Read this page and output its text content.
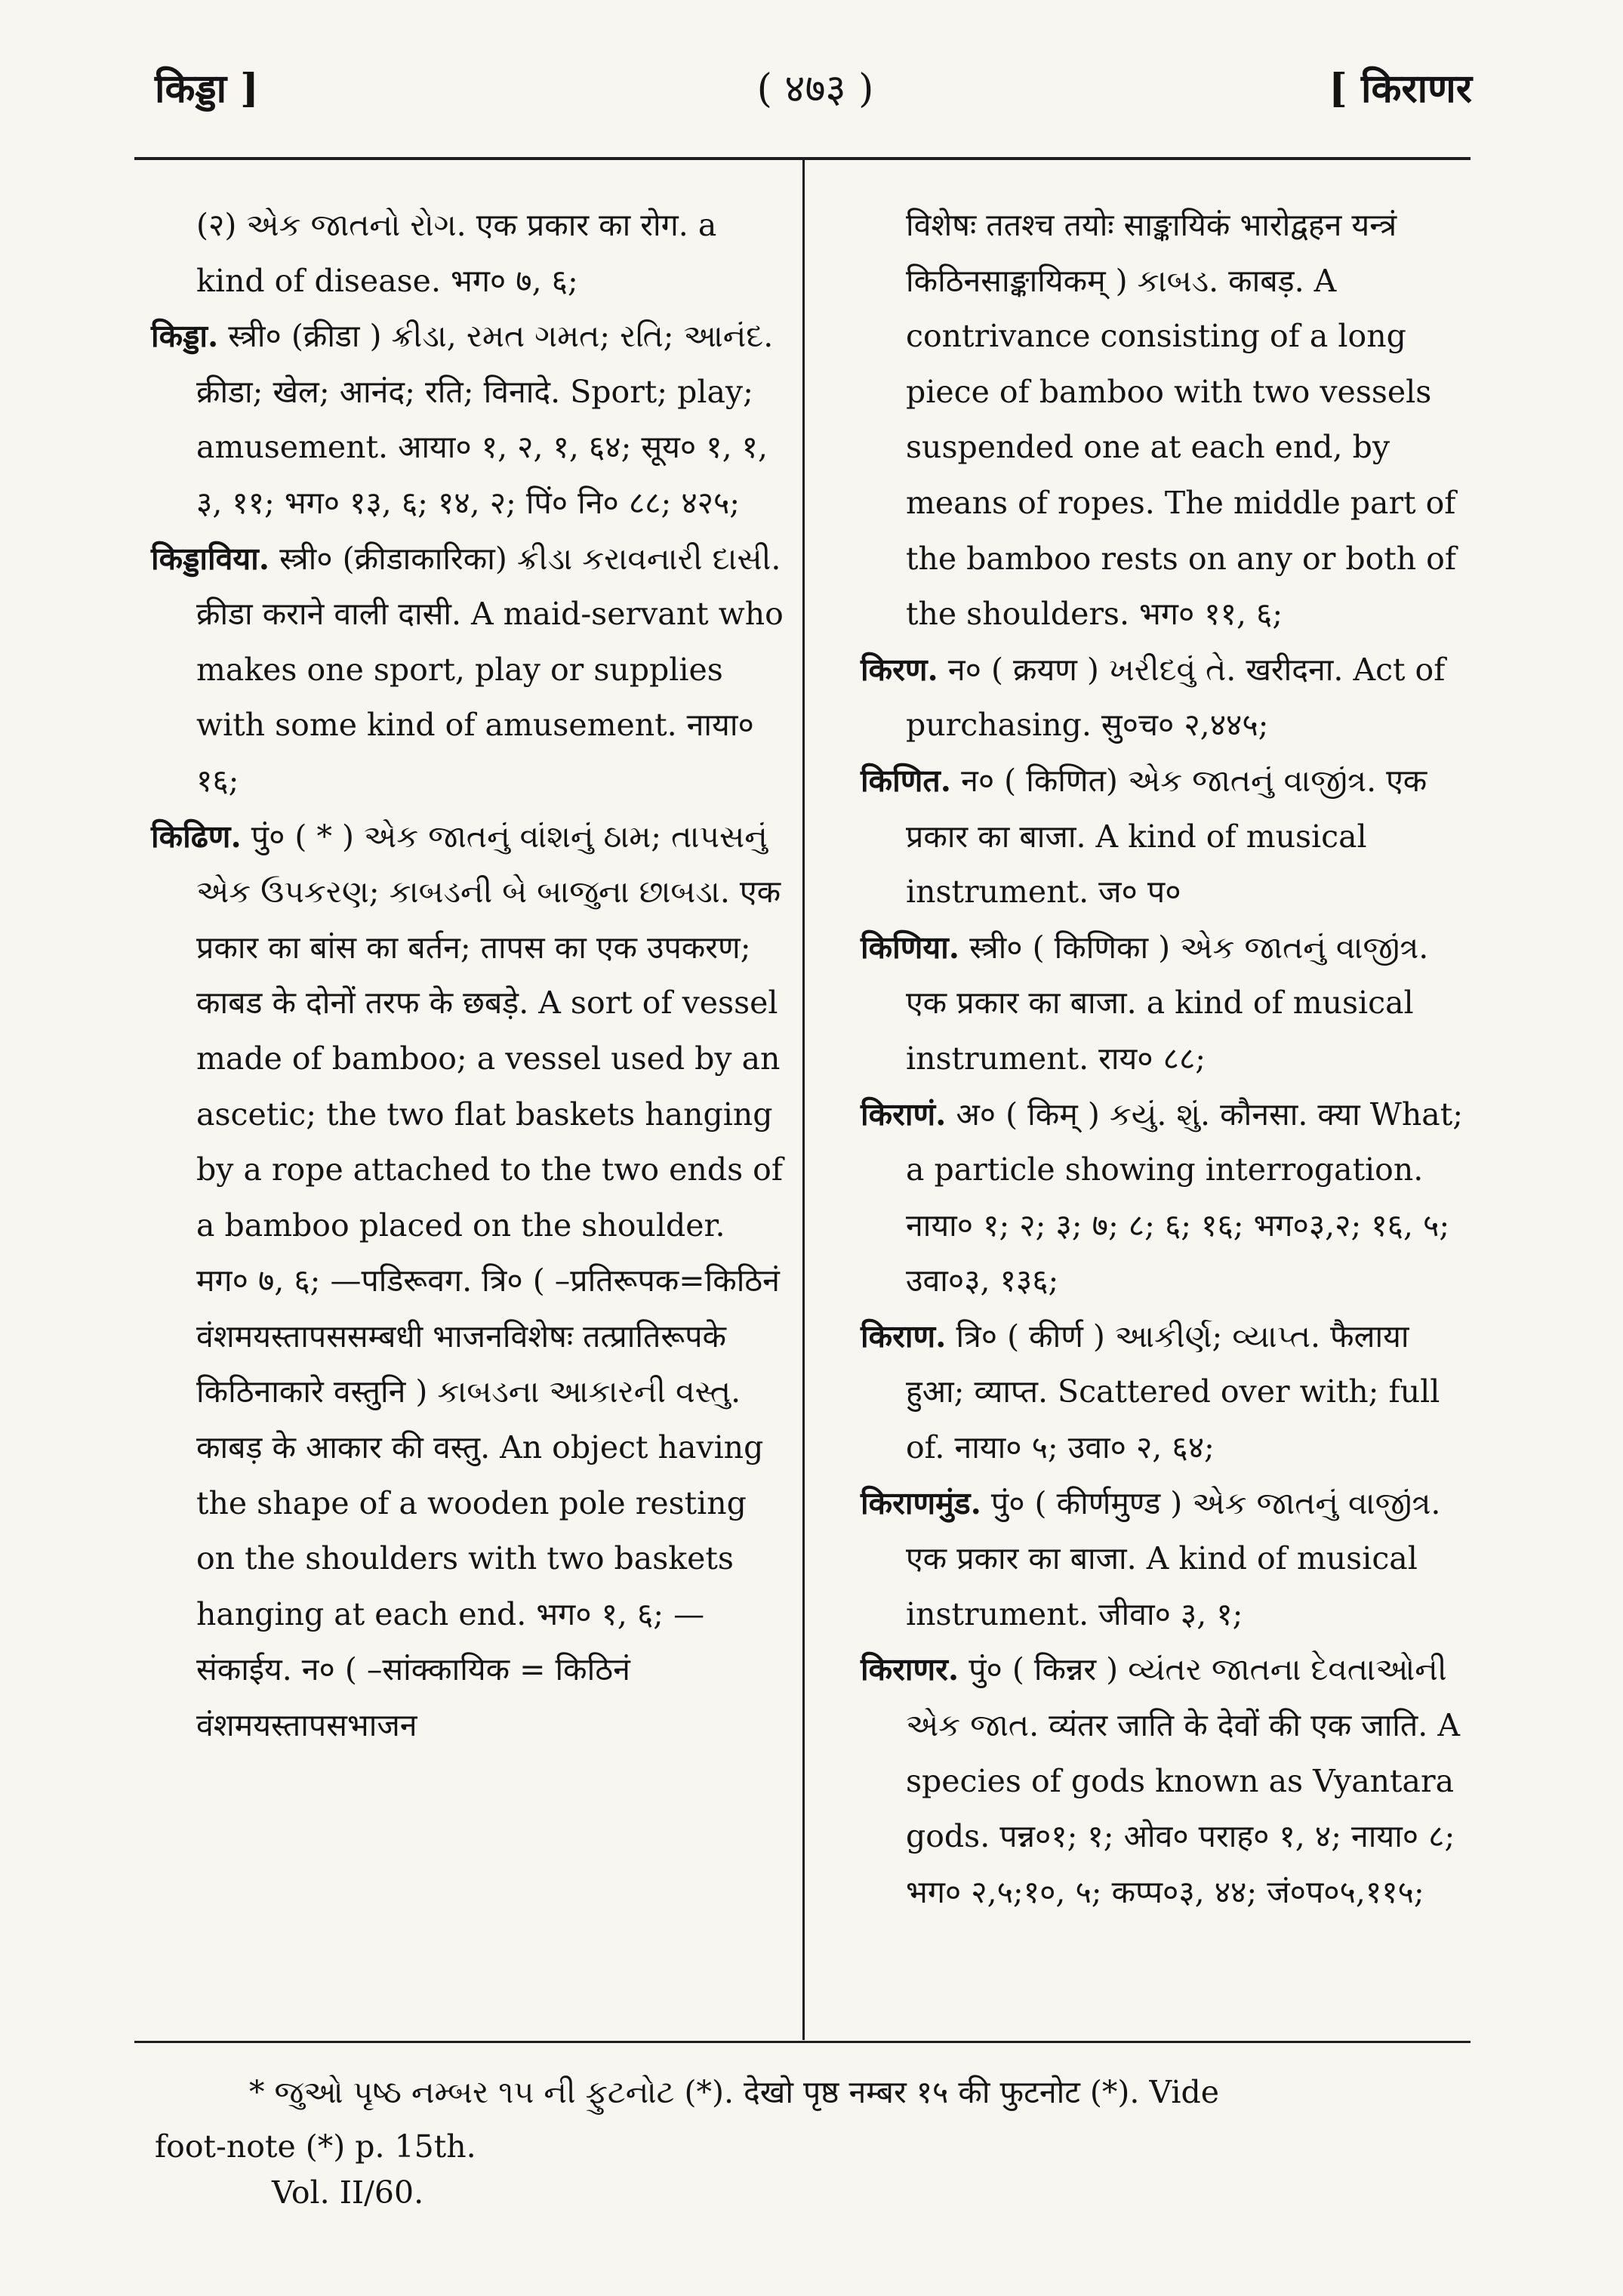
किड्डा ]	( ४७३ )	[ किराणर

(२) એક જાતનો રોગ. एक प्रकार का रोग. a kind of disease. भग० ७, ६;

किड्डा. स्त्री० (क्रीडा ) ક્રીડા, રમત ગમત; રતિ; આનંદ. क्रीडा; खेल; आनंद; रति; विनादे. Sport; play; amusement. आया० १, २, १, ६४; सूय० १, १, ३, ११; भग० १३, ६; १४, २; पिं० नि० ८८; ४२५;

किड्डाविया. स्त्री० (क्रीडाकारिका) ક્રીડા કરાવનારી દાસી. क्रीडा कराने वाली दासी. A maid-servant who makes one sport, play or supplies with some kind of amusement. नाया० १६;

किढिण. पुं० ( * ) એક જાતનું વાંશનું ઠામ; તાપસનું એક ઉપકરણ; કાબડની બે બાજુના છાબડા. एक प्रकार का बांस का बर्तन; तापस का एक उपकरण; काबड के दोनों तरफ के छबड़े. A sort of vessel made of bamboo; a vessel used by an ascetic; the two flat baskets hanging by a rope attached to the two ends of a bamboo placed on the shoulder. मग० ७, ६; —पडिरूवग. त्रि० ( –प्रतिरूपक=किठिनं वंशमयस्तापससम्बधी भाजनविशेषः तत्प्रातिरूपके किठिनाकारे वस्तुनि ) કાબડના આકારની વસ્તુ. काबड़ के आकार की वस्तु. An object having the shape of a wooden pole resting on the shoulders with two baskets hanging at each end. भग० १, ६; —संकाईय. न० ( –सांक्कायिक = किठिनं वंशमयस्तापसभाजन

विशेषः ततश्च तयोः साङ्कायिकं भारोद्वहन यन्त्रं किठिनसाङ्कायिकम् ) કાબડ. काबड़. A contrivance consisting of a long piece of bamboo with two vessels suspended one at each end, by means of ropes. The middle part of the bamboo rests on any or both of the shoulders. भग० ११, ६;

किरण. न० ( क्रयण ) ખરીદવું તે. खरीदना. Act of purchasing. सु०च० २,४४५;

किणित. न० ( किणित) એક જાતનું વાજીંત્ર. एक प्रकार का बाजा. A kind of musical instrument. ज० प०

किणिया. स्त्री० ( किणिका ) એક જાતનું વાજીંત્ર. एक प्रकार का बाजा. a kind of musical instrument. राय० ८८;

किराणं. अ० ( किम् ) કયું. શું. कौनसा. क्या What; a particle showing interrogation. नाया० १; २; ३; ७; ८; ६; १६; भग०३,२; १६, ५; उवा०३, १३६;

किराण. त्रि० ( कीर्ण ) આકીર્ણ; વ્યાપ્ત. फैलाया हुआ; व्याप्त. Scattered over with; full of. नाया० ५; उवा० २, ६४;

किराणमुंड. पुं० ( कीर्णमुण्ड ) એક જાતનું વાજીંત્ર. एक प्रकार का बाजा. A kind of musical instrument. जीवा० ३, १;

किराणर. पुं० ( किन्नर ) વ્યંતર જાતના દેવતાઓની એક જાત. व्यंतर जाति के देवों की एक जाति. A species of gods known as Vyantara gods. पन्न०१; १; ओव० पराह० १, ४; नाया० ८; भग० २,५;१०, ५; कप्प०३, ४४; जं०प०५,११५;

* જુઓ પૃષ્ઠ નમ્બર ૧૫ ની ફુટનોટ (*). देखो पृष्ठ नम्बर १५ की फुटनोट (*). Vide
foot-note (*) p. 15th.
Vol. II/60.
